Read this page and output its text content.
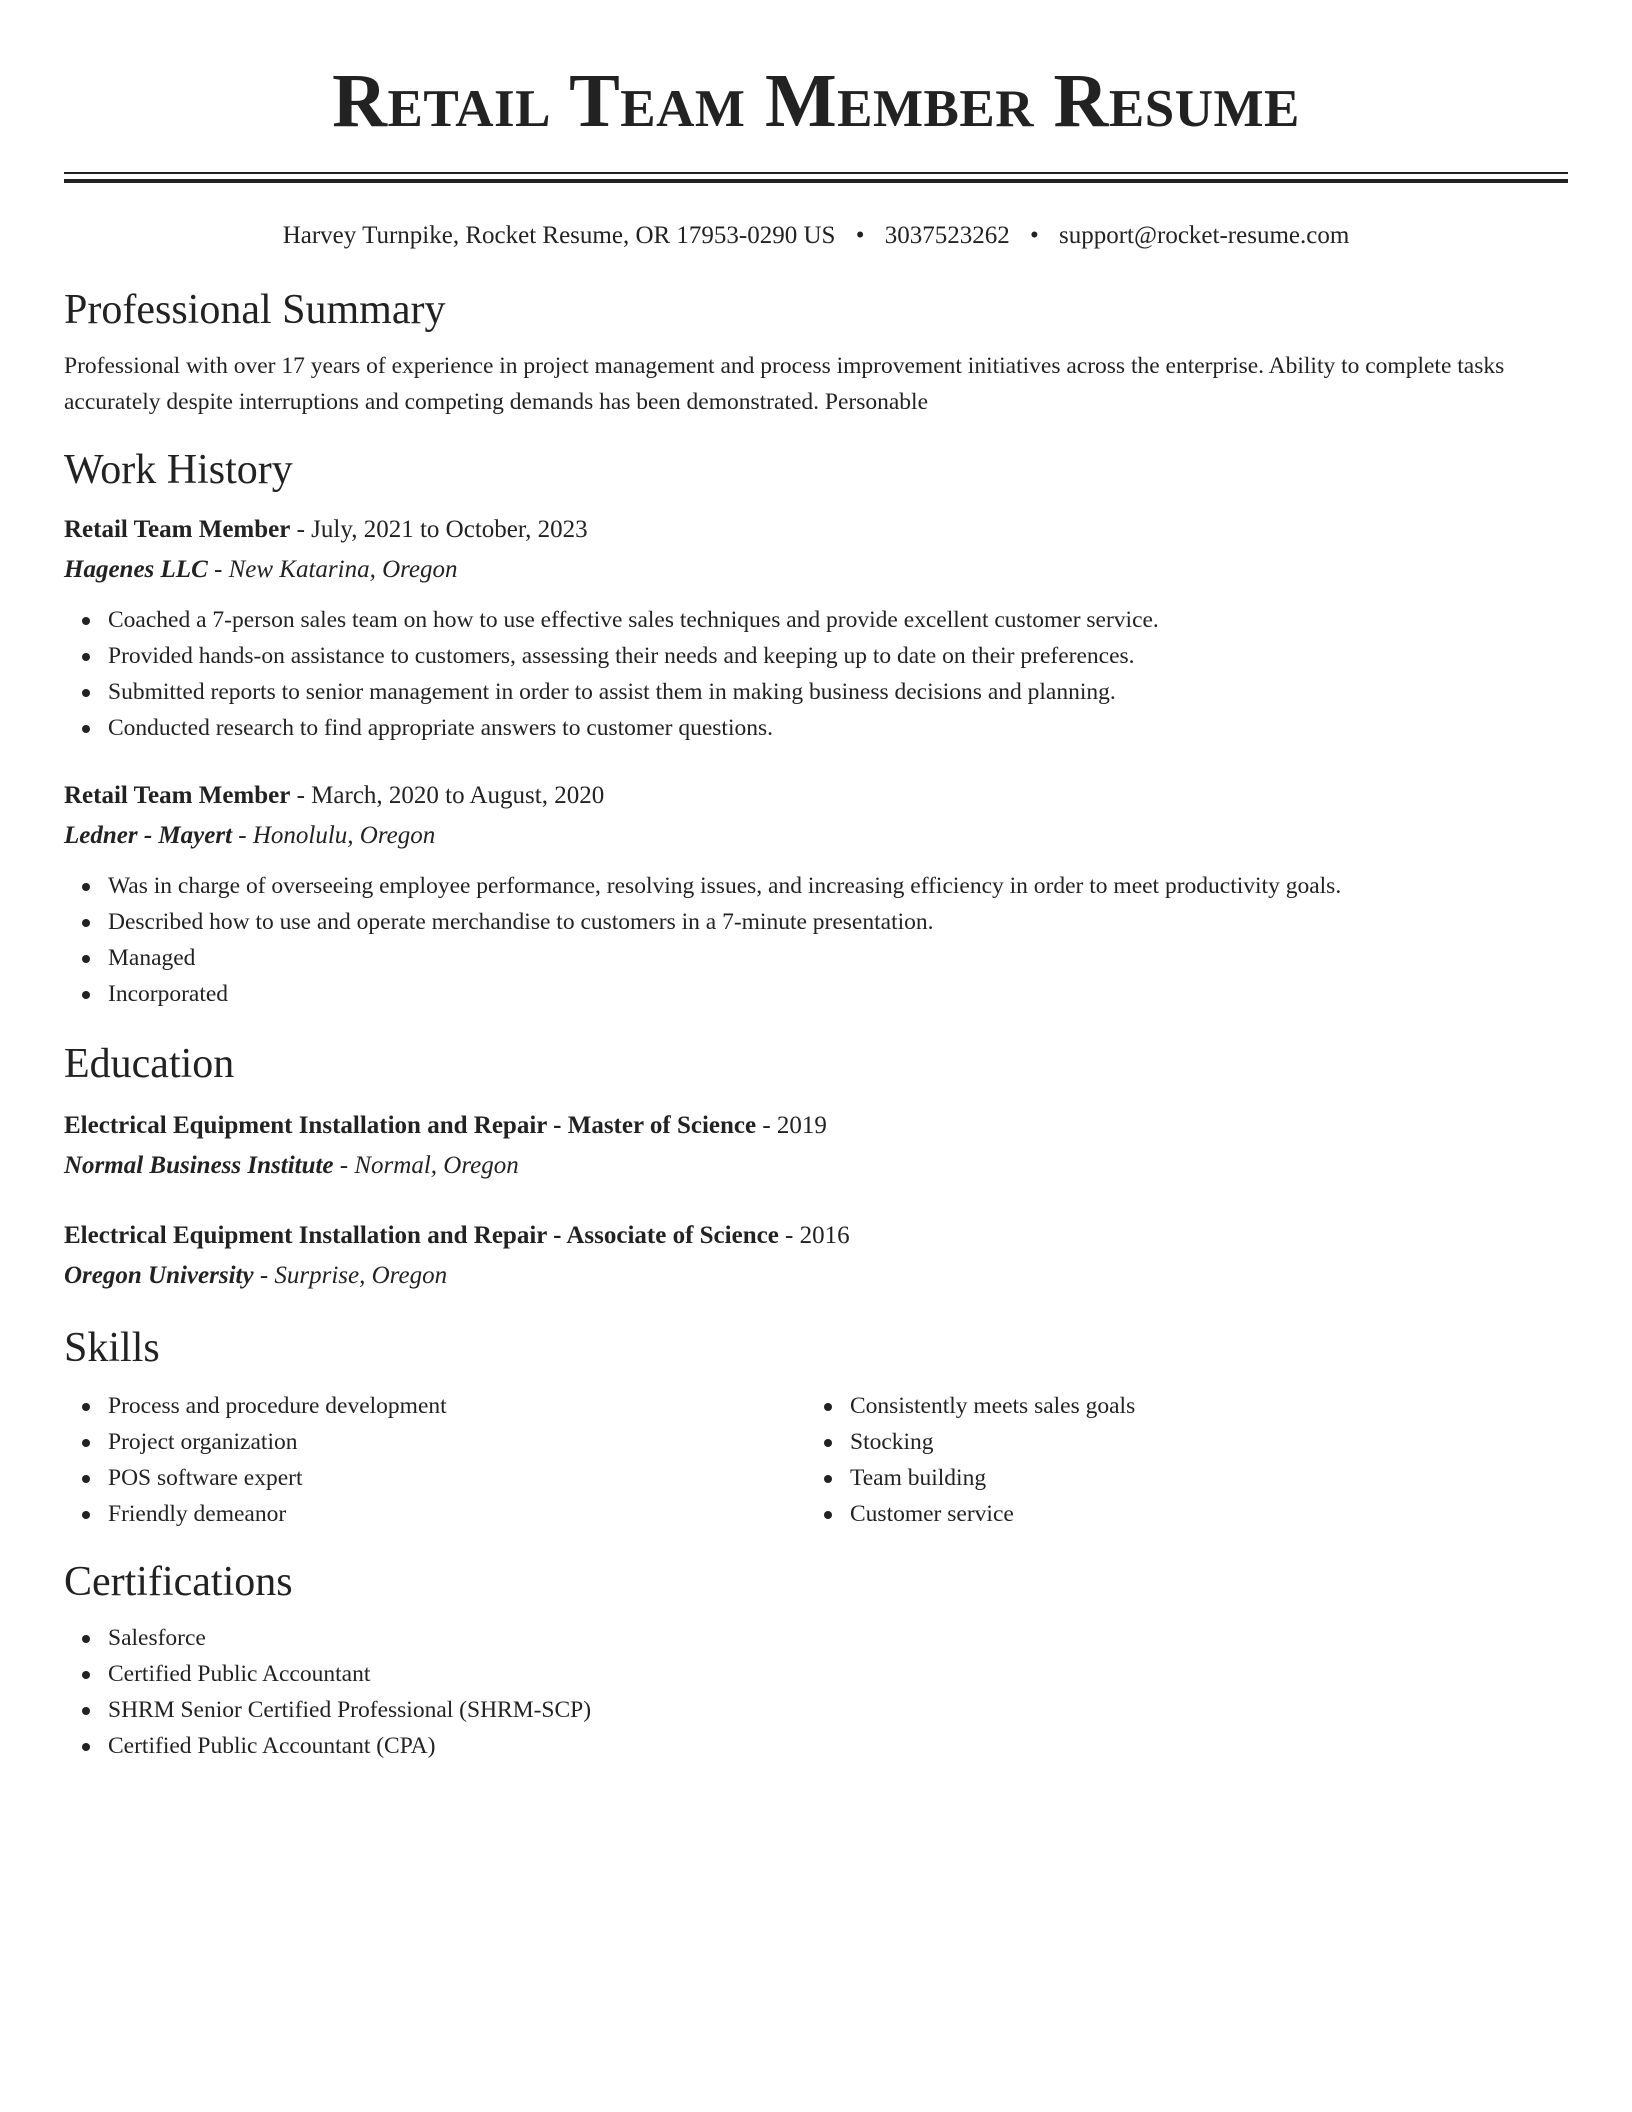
Retail Team Member Resume
Harvey Turnpike, Rocket Resume, OR 17953-0290 US • 3037523262 • support@rocket-resume.com
Professional Summary
Professional with over 17 years of experience in project management and process improvement initiatives across the enterprise. Ability to complete tasks accurately despite interruptions and competing demands has been demonstrated. Personable
Work History
Retail Team Member - July, 2021 to October, 2023
Hagenes LLC - New Katarina, Oregon
Coached a 7-person sales team on how to use effective sales techniques and provide excellent customer service.
Provided hands-on assistance to customers, assessing their needs and keeping up to date on their preferences.
Submitted reports to senior management in order to assist them in making business decisions and planning.
Conducted research to find appropriate answers to customer questions.
Retail Team Member - March, 2020 to August, 2020
Ledner - Mayert - Honolulu, Oregon
Was in charge of overseeing employee performance, resolving issues, and increasing efficiency in order to meet productivity goals.
Described how to use and operate merchandise to customers in a 7-minute presentation.
Managed
Incorporated
Education
Electrical Equipment Installation and Repair - Master of Science - 2019
Normal Business Institute - Normal, Oregon
Electrical Equipment Installation and Repair - Associate of Science - 2016
Oregon University - Surprise, Oregon
Skills
Process and procedure development
Project organization
POS software expert
Friendly demeanor
Consistently meets sales goals
Stocking
Team building
Customer service
Certifications
Salesforce
Certified Public Accountant
SHRM Senior Certified Professional (SHRM-SCP)
Certified Public Accountant (CPA)
